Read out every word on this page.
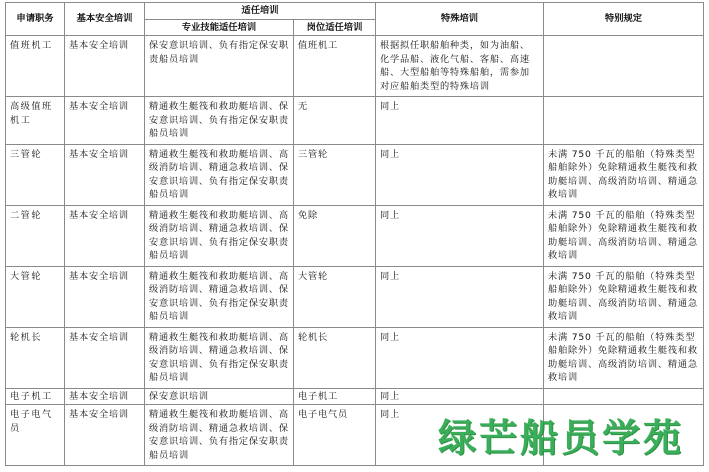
申请职务	基本安全培训	适任培训		特殊培训	特别规定
		专业技能适任培训	岗位适任培训		
值班机工	基本安全培训	保安意识培训、负有指定保安职责船员培训	值班机工	根据拟任职船舶种类，如为油船、化学品船、液化气船、客船、高速船、大型船舶等特殊船舶，需参加对应船舶类型的特殊培训	
高级值班机工	基本安全培训	精通救生艇筏和救助艇培训、保安意识培训、负有指定保安职责船员培训	无	同上	
三管轮	基本安全培训	精通救生艇筏和救助艇培训、高级消防培训、精通急救培训、保安意识培训、负有指定保安职责船员培训	三管轮	同上	未满 750 千瓦的船舶（特殊类型船舶除外）免除精通救生艇筏和救助艇培训、高级消防培训、精通急救培训
二管轮	基本安全培训	精通救生艇筏和救助艇培训、高级消防培训、精通急救培训、保安意识培训、负有指定保安职责船员培训	免除	同上	未满 750 千瓦的船舶（特殊类型船舶除外）免除精通救生艇筏和救助艇培训、高级消防培训、精通急救培训
大管轮	基本安全培训	精通救生艇筏和救助艇培训、高级消防培训、精通急救培训、保安意识培训、负有指定保安职责船员培训	大管轮	同上	未满 750 千瓦的船舶（特殊类型船舶除外）免除精通救生艇筏和救助艇培训、高级消防培训、精通急救培训
轮机长	基本安全培训	精通救生艇筏和救助艇培训、高级消防培训、精通急救培训、保安意识培训、负有指定保安职责船员培训	轮机长	同上	未满 750 千瓦的船舶（特殊类型船舶除外）免除精通救生艇筏和救助艇培训、高级消防培训、精通急救培训
电子机工	基本安全培训	保安意识培训	电子机工	同上	
电子电气员	基本安全培训	精通救生艇筏和救助艇培训、高级消防培训、精通急救培训、保安意识培训、负有指定保安职责船员培训	电子电气员	同上	
绿芒船员学苑
